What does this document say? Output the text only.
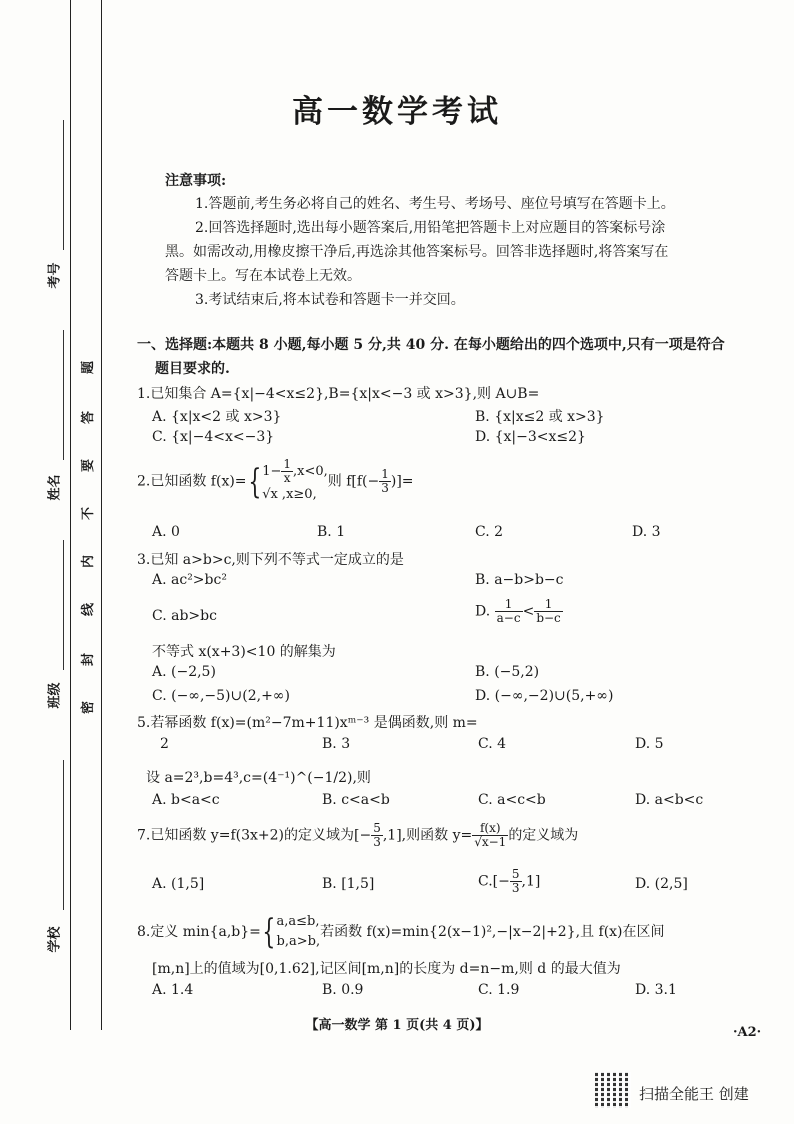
考号
姓名
班级
学校
题
答
要
不
内
线
封
密
高一数学考试
注意事项:
1.答题前,考生务必将自己的姓名、考生号、考场号、座位号填写在答题卡上。
2.回答选择题时,选出每小题答案后,用铅笔把答题卡上对应题目的答案标号涂
黑。如需改动,用橡皮擦干净后,再选涂其他答案标号。回答非选择题时,将答案写在
答题卡上。写在本试卷上无效。
3.考试结束后,将本试卷和答题卡一并交回。
一、选择题:本题共 8 小题,每小题 5 分,共 40 分. 在每小题给出的四个选项中,只有一项是符合
题目要求的.
1.已知集合 A={x|−4<x≤2},B={x|x<−3 或 x>3},则 A∪B=
A. {x|x<2 或 x>3}	B. {x|x≤2 或 x>3}
C. {x|−4<x<−3}	D. {x|−3<x≤2}
2.已知函数 f(x)={ $1- \frac{1}{x} ,x<0$,
√x ,x≥0,
则 $f[f(- \frac{1}{3}$ )]=
A. 0	B. 1	C. 2	D. 3
3.已知 a>b>c,则下列不等式一定成立的是
A. ac²>bc²	B. a−b>b−c
C. ab>bc	D. $\frac{1}{a-c} < \frac{1}{b-c}$
不等式 x(x+3)<10 的解集为
A. (−2,5)	B. (−5,2)
C. (−∞,−5)∪(2,+∞)	D. (−∞,−2)∪(5,+∞)
5.若幂函数 f(x)=(m²−7m+11)xᵐ⁻³ 是偶函数,则 m=
2	B. 3	C. 4	D. 5
设 a=2³,b=4³,c=(4⁻¹)^(−1/2),则
A. b<a<c	B. c<a<b	C. a<c<b	D. a<b<c
7.已知函数 y=f(3x+2)的定义域为[− $\frac{5}{3} ,1$],则函数 $y= \frac{f(x)}{√x-1}$ 的定义域为
A. (1,5]	B. [1,5]	$C.[- \frac{5}{3} ,1]$	D. (2,5]
8.定义 min{a,b}={ a,a≤b,
b,a>b,
若函数 f(x)=min{2(x−1)²,−|x−2|+2},且 f(x)在区间
[m,n]上的值域为[0,1.62],记区间[m,n]的长度为 d=n−m,则 d 的最大值为
A. 1.4	B. 0.9	C. 1.9	D. 3.1
【高一数学 第 1 页(共 4 页)】	·A2·
扫描全能王 创建
